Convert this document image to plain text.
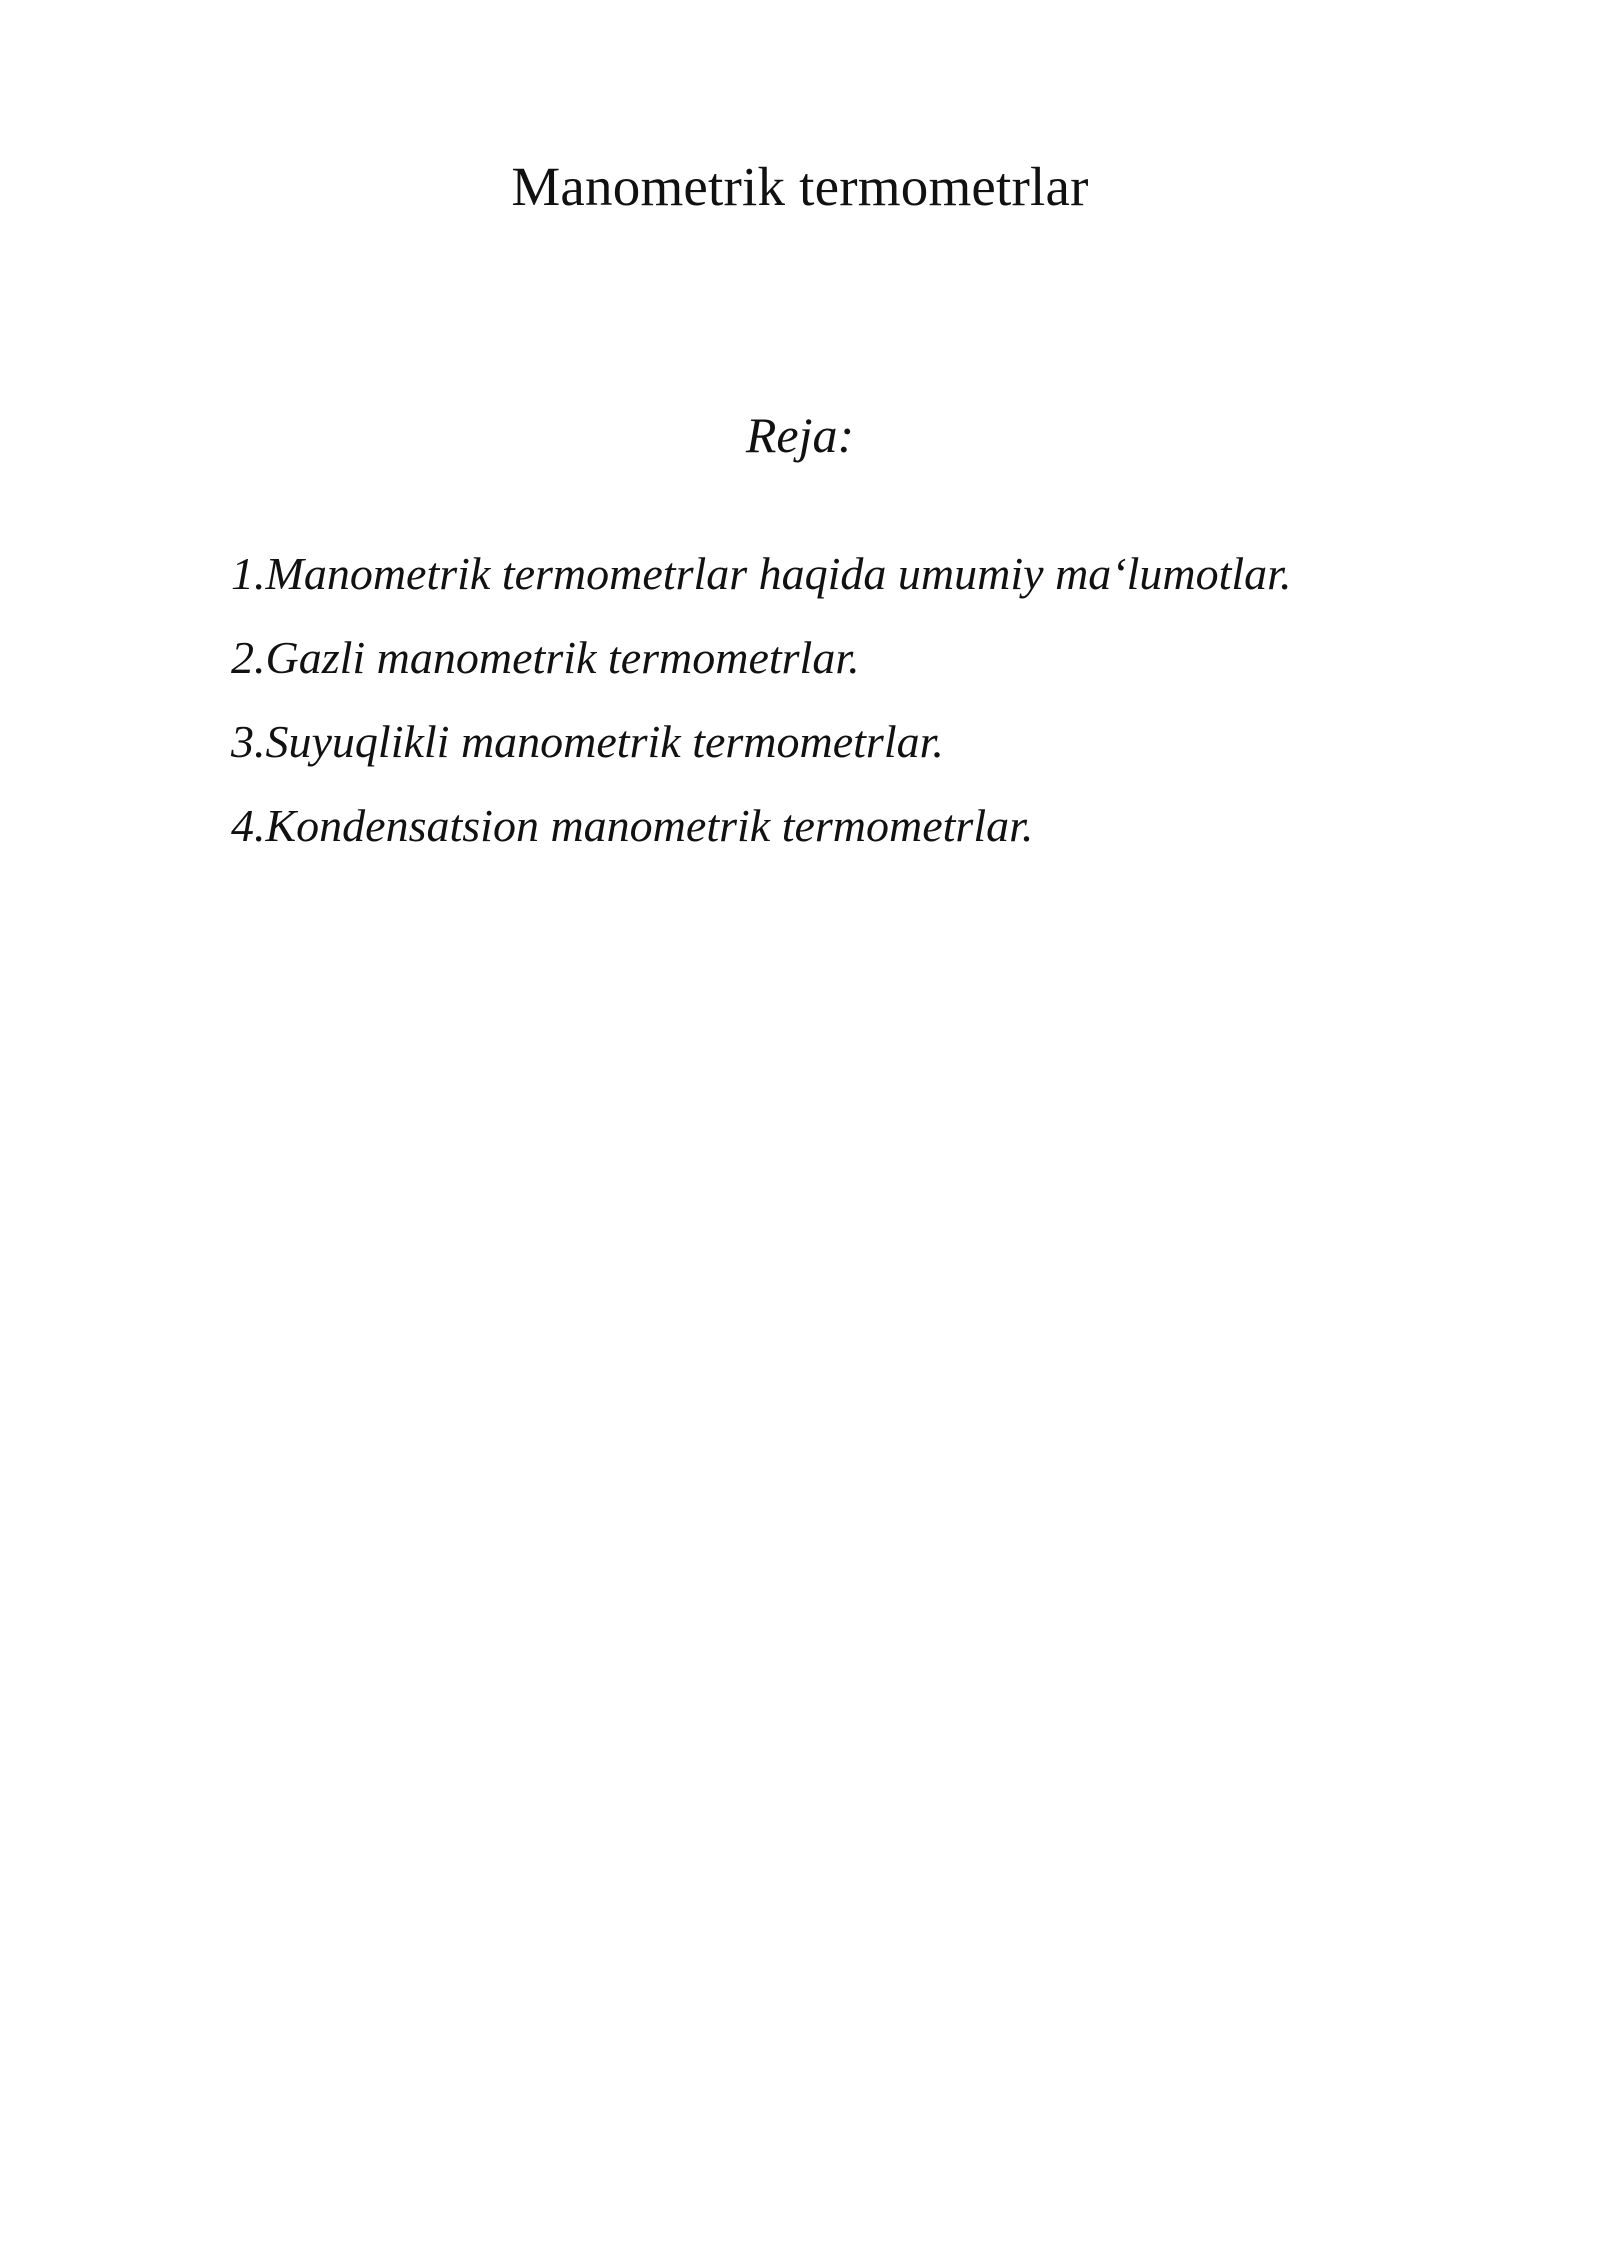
Manometrik termometrlar
Reja:
1.Manometrik termometrlar haqida umumiy ma‘lumotlar.
2.Gazli manometrik termometrlar.
3.Suyuqlikli manometrik termometrlar.
4.Kondensatsion manometrik termometrlar.
